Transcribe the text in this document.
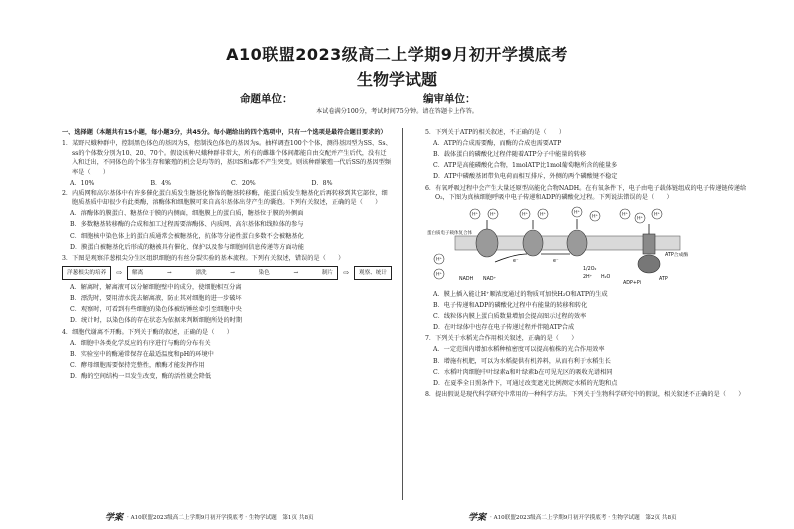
A10联盟2023级高二上学期9月初开学摸底考
生物学试题
命题单位：	编审单位：
本试卷满分100分，考试时间75分钟。请在答题卡上作答。

一、选择题（本题共有15小题，每小题3分，共45分。每小题给出的四个选项中，只有一个选项是最符合题目要求的）

1．某野尺蛾种群中，控制黑色体色的基因为S，控制浅色体色的基因为s。抽样调查100个个体，测得基因型为SS、Ss、ss的个体数分别为10、20、70个。假设该种尺蛾种群非常大，所有的雌雄个体间都能自由交配并产生后代，没有迁入和迁出，不同体色的个体生存和繁殖的机会是均等的，基因S和s都不产生突变。则该种群繁殖一代后SS的基因型频率是（　　）

A．10%	B．4%	C．20%	D．8%

2．内质网和高尔基体中有许多催化蛋白质发生糖基化修饰的糖基转移酶，能蛋白质发生糖基化后再转移到其它部位，细胞质基质中却很少有此类酶，溶酶体和细胞膜可来自高尔基体出芽产生的囊泡。下列有关叙述，正确的是（　　）

A．溶酶体的膜蛋白、糖基位于膜的内侧面，细胞膜上的蛋白质，糖基位于膜的外侧面

B．多数糖基转移酶的合成和加工过程需要溶酶体、内质网、高尔基体和线粒体的参与

C．细胞核中染色体上的蛋白质通常会被糖基化，抗体等分泌性蛋白多数不会被糖基化

D．膜蛋白被糖基化后形成的糖被具有催化、保护以及参与细胞间信息传递等方面功能

3．下图是观察洋葱根尖分生区组织细胞的有丝分裂实验的基本流程。下列有关叙述，错误的是（　　）

洋葱根尖的培养	⇨ 解离	→	漂洗	→	染色	→	制片 ⇨	观察、统计

A．解离时，解离液可以分解细胞壁中的成分，使细胞相互分离

B．漂洗时，要用清水洗去解离液，防止其对细胞的进一步破坏

C．观察时，可看到有些细胞的染色体被纺锤丝牵引至细胞中央

D．统计时，以染色体的存在状态为依据来判断细胞所处的时期

4．细胞代谢离不开酶。下列关于酶的叙述，正确的是（　　）

A．细胞中各类化学反应的有序进行与酶的分布有关

B．实验室中的酶通常保存在最适温度和pH的环境中

C．酵母细胞需要保持完整性，酿酶才能发挥作用

D．酶的空间结构一旦发生改变，酶的活性就会降低

学案 · A10联盟2023级高二上学期9月初开学摸底考 · 生物学试题　第1页 共8页

5．下列关于ATP的相关叙述，不正确的是（　　）

A．ATP的合成需要酶，而酶的合成也需要ATP

B．载体蛋白的磷酸化过程伴随着ATP分子中能量的转移

C．ATP是高能磷酸化合物，1molATP比1mol葡萄糖所含的能量多

D．ATP中磷酸基团带负电荷而相互排斥，外侧的两个磷酸键不稳定

6．有氧呼吸过程中会产生大量还原型高能化合物NADH。在有氧条件下，电子由电子载体链组成的电子传递链传递给O₂，下图为真核细胞呼吸中电子传递和ADP的磷酸化过程。下列说法错误的是（　　）

H⁺	H⁺	H⁺	H⁺	H⁺
H⁺	H⁺
H⁺
H⁺
H⁺
H⁺
NADH NAD⁺
e⁻	e⁻
1/2O₂
2H⁺ H₂O
ADP+Pi
ATP
ATP合成酶
蛋白质电子载体复合体

A．膜上插入能让H⁺顺浓度通过的物质可加快H₂O和ATP的生成

B．电子传递和ADP的磷酸化过程中有能量的转移和转化

C．线粒体内膜上蛋白质数量增加会提高图示过程的效率

D．在叶绿体中也存在电子传递过程并伴随ATP合成

7．下列关于水稻光合作用相关叙述，正确的是（　　）

A．一定范围内增加水稻种植密度可以提高植株的光合作用效率

B．增施有机肥，可以为水稻提供有机养料，从而有利于水稻生长

C．水稻叶肉细胞中叶绿素a和叶绿素b在可见光区的吸收光谱相同

D．在夏季全日照条件下，可通过改变遮光比例测定水稻的光饱和点

8．提出假说是现代科学研究中常用的一种科学方法。下列关于生物科学研究中的假说，相关叙述不正确的是（　　）

学案 · A10联盟2023级高二上学期9月初开学摸底考 · 生物学试题　第2页 共8页
